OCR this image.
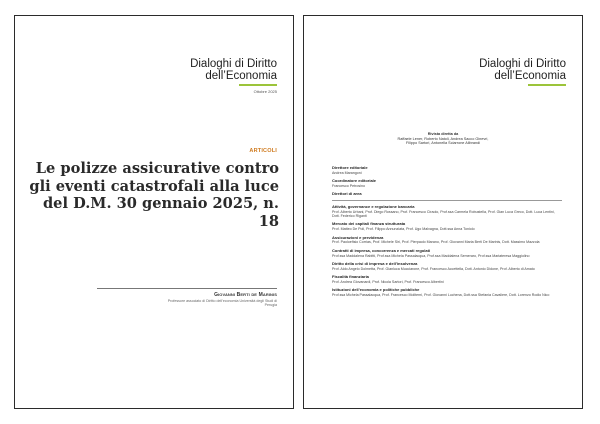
Dialoghi di Diritto
dell’Economia
Ottobre 2025
ARTICOLI
Le polizze assicurative contro gli eventi catastrofali alla luce del D.M. 30 gennaio 2025, n. 18
Giovanni Berti de Marinis
Professore associato di Diritto dell’economia Università degli Studi di Perugia
Dialoghi di Diritto
dell’Economia
Rivista diretta da
Raffaele Lener, Roberto Natoli, Andrea Sacco Ginevri,
Filippo Sartori, Antonella Sciarrone Alibrandi
Direttore editoriale
Andrea Marangoni
Coordinatore editoriale
Francesco Petrosino
Direttori di area
Attività, governance e regolazione bancaria
Prof. Alberto Urbani, Prof. Diego Rossano, Prof. Francesco Ciraolo, Prof.ssa Carmela Robustella, Prof. Gian Luca Greco, Dott. Luca Lentini, Dott. Federico Riganti
Mercato dei capitali finanza strutturata
Prof. Matteo De Poli, Prof. Filippo Annunziata, Prof. Ugo Malvagna, Dott.ssa Anna Toniolo
Assicurazioni e previdenza
Prof. Paoloefisio Corrias, Prof. Michele Siri, Prof. Pierpaolo Marano, Prof. Giovanni Maria Berti De Marinis, Dott. Massimo Mazzola
Contratti di impresa, concorrenza e mercati regolati
Prof.ssa Maddalena Rabitti, Prof.ssa Michela Passalacqua, Prof.ssa Maddalena Semeraro, Prof.ssa Mariateresa Maggiolino
Diritto della crisi di impresa e dell’insolvenza
Prof. Aldo Angelo Dolmetta, Prof. Gianluca Mucciarone, Prof. Francesco Accettella, Dott. Antonio Didone, Prof. Alberto di Amato
Fiscalità finanziaria
Prof. Andrea Giovanardi, Prof. Nicola Sartori, Prof. Francesco Albertini
Istituzioni dell’economia e politiche pubbliche
Prof.ssa Michela Passalacqua, Prof. Francesco Moliterni, Prof. Giovanni Luchena, Dott.ssa Stefania Cavaliere, Dott. Lorenzo Rodio Nico
